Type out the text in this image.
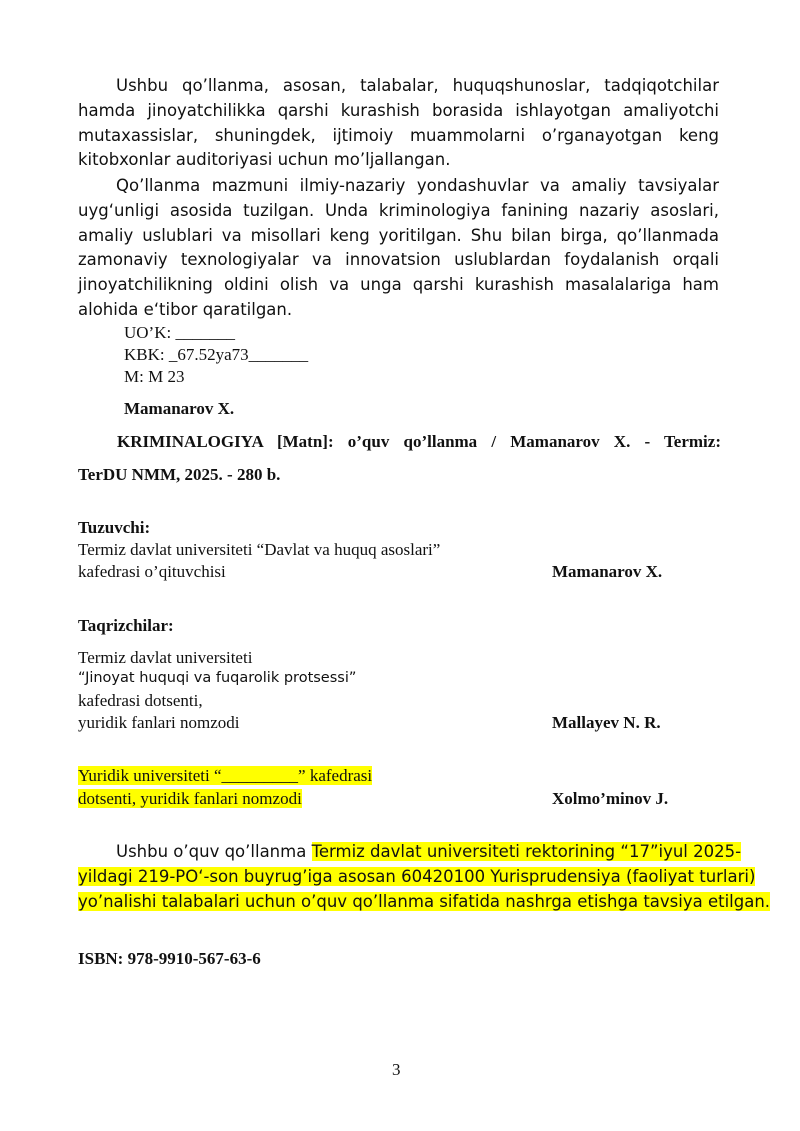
Ushbu qo’llanma, asosan, talabalar, huquqshunoslar, tadqiqotchilar hamda jinoyatchilikka qarshi kurashish borasida ishlayotgan amaliyotchi mutaxassislar, shuningdek, ijtimoiy muammolarni o’rganayotgan keng kitobxonlar auditoriyasi uchun mo’ljallangan.

Qo’llanma mazmuni ilmiy-nazariy yondashuvlar va amaliy tavsiyalar uyg‘unligi asosida tuzilgan. Unda kriminologiya fanining nazariy asoslari, amaliy uslublari va misollari keng yoritilgan. Shu bilan birga, qo’llanmada zamonaviy texnologiyalar va innovatsion uslublardan foydalanish orqali jinoyatchilikning oldini olish va unga qarshi kurashish masalalariga ham alohida e‘tibor qaratilgan.

UO’K: _______
KBK: _67.52ya73_______
M: M 23
Mamanarov X.
KRIMINALOGIYA [Matn]: o’quv qo’llanma / Mamanarov X. - Termiz:
TerDU NMM, 2025. - 280 b.
Tuzuvchi:
Termiz davlat universiteti “Davlat va huquq asoslari”
kafedrasi o’qituvchisi	Mamanarov X.
Taqrizchilar:
Termiz davlat universiteti
“Jinoyat huquqi va fuqarolik protsessi”
kafedrasi dotsenti,
yuridik fanlari nomzodi	Mallayev N. R.
Yuridik universiteti “_________” kafedrasi
dotsenti, yuridik fanlari nomzodi	Xolmo’minov J.
Ushbu o’quv qo’llanma Termiz davlat universiteti rektorining “17”iyul 2025-
yildagi 219-PO‘-son buyrug’iga asosan 60420100 Yurisprudensiya (faoliyat turlari)
yo’nalishi talabalari uchun o’quv qo’llanma sifatida nashrga etishga tavsiya etilgan.
ISBN: 978-9910-567-63-6
3
